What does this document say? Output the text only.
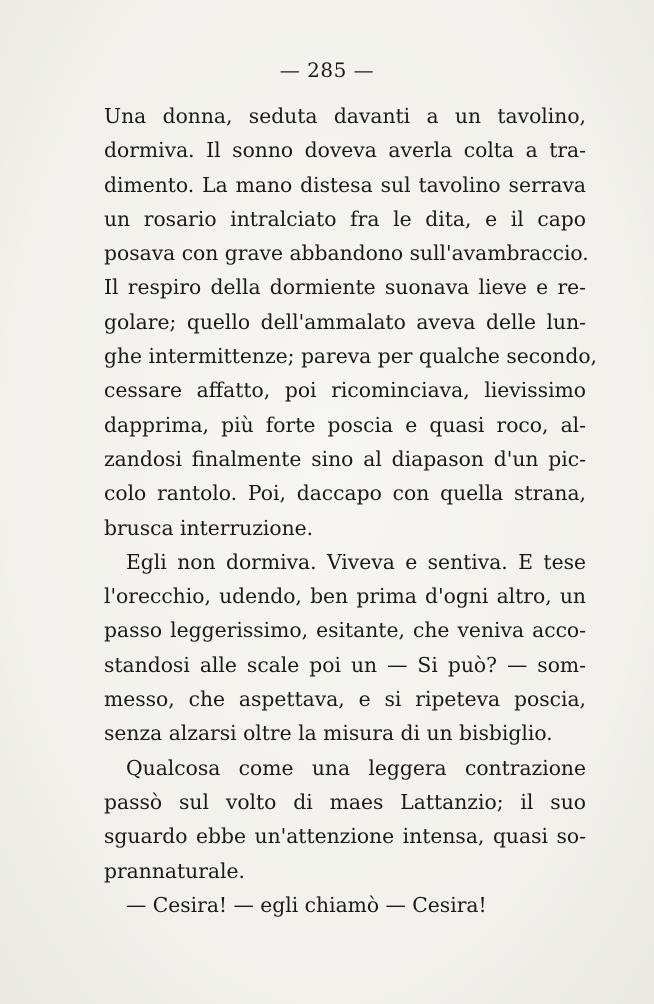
— 285 —
Una donna, seduta davanti a un tavolino,
dormiva. Il sonno doveva averla colta a tra-
dimento. La mano distesa sul tavolino serrava
un rosario intralciato fra le dita, e il capo
posava con grave abbandono sull'avambraccio.
Il respiro della dormiente suonava lieve e re-
golare; quello dell'ammalato aveva delle lun-
ghe intermittenze; pareva per qualche secondo,
cessare affatto, poi ricominciava, lievissimo
dapprima, più forte poscia e quasi roco, al-
zandosi finalmente sino al diapason d'un pic-
colo rantolo. Poi, daccapo con quella strana,
brusca interruzione.
Egli non dormiva. Viveva e sentiva. E tese
l'orecchio, udendo, ben prima d'ogni altro, un
passo leggerissimo, esitante, che veniva acco-
standosi alle scale poi un — Si può? — som-
messo, che aspettava, e si ripeteva poscia,
senza alzarsi oltre la misura di un bisbiglio.
Qualcosa come una leggera contrazione
passò sul volto di maes Lattanzio; il suo
sguardo ebbe un'attenzione intensa, quasi so-
prannaturale.
— Cesira! — egli chiamò — Cesira!
